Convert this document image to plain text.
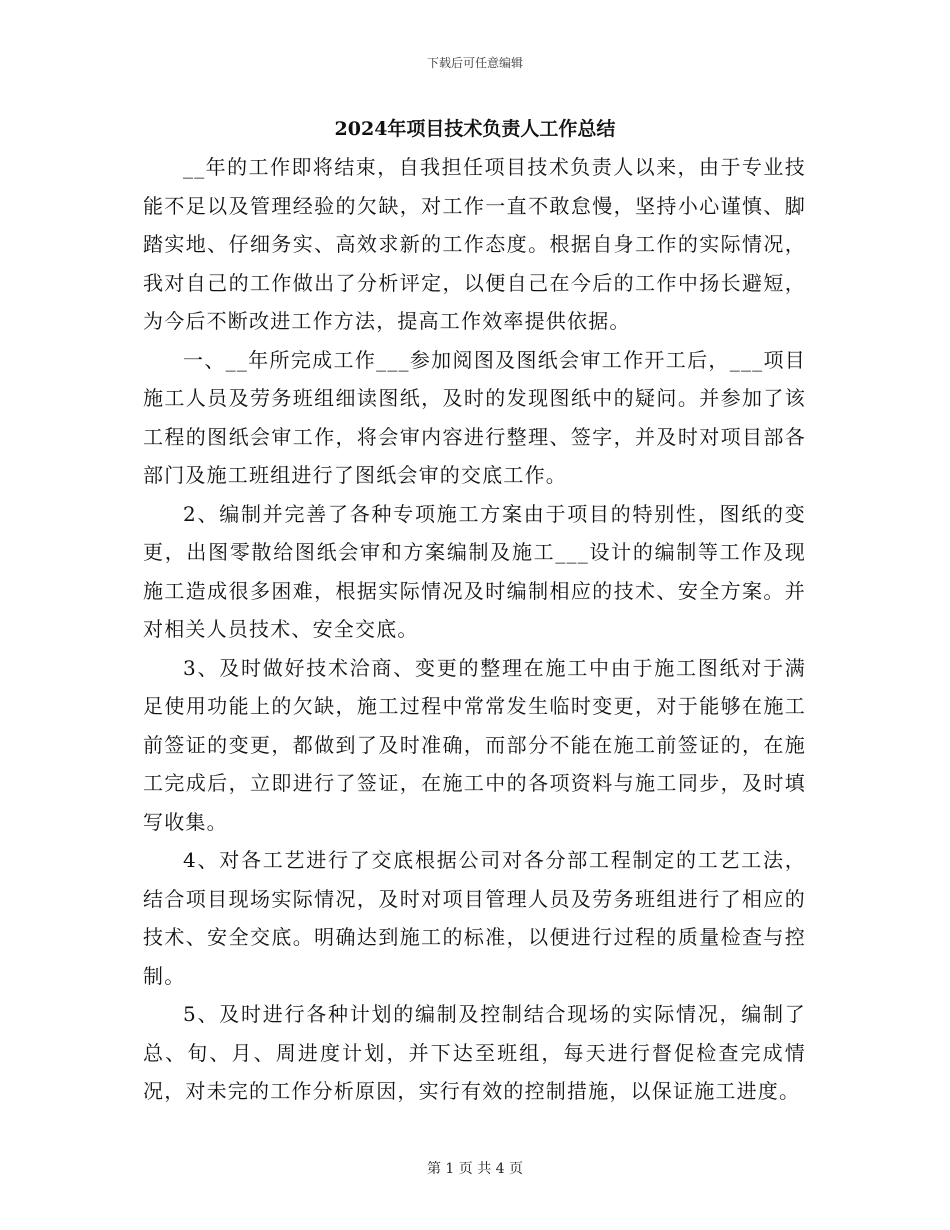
下载后可任意编辑
2024年项目技术负责人工作总结

__年的工作即将结束，自我担任项目技术负责人以来，由于专业技能不足以及管理经验的欠缺，对工作一直不敢怠慢，坚持小心谨慎、脚踏实地、仔细务实、高效求新的工作态度。根据自身工作的实际情况，我对自己的工作做出了分析评定，以便自己在今后的工作中扬长避短，为今后不断改进工作方法，提高工作效率提供依据。

一、__年所完成工作___参加阅图及图纸会审工作开工后，___项目施工人员及劳务班组细读图纸，及时的发现图纸中的疑问。并参加了该工程的图纸会审工作，将会审内容进行整理、签字，并及时对项目部各部门及施工班组进行了图纸会审的交底工作。

2、编制并完善了各种专项施工方案由于项目的特别性，图纸的变更，出图零散给图纸会审和方案编制及施工___设计的编制等工作及现施工造成很多困难，根据实际情况及时编制相应的技术、安全方案。并对相关人员技术、安全交底。

3、及时做好技术洽商、变更的整理在施工中由于施工图纸对于满足使用功能上的欠缺，施工过程中常常发生临时变更，对于能够在施工前签证的变更，都做到了及时准确，而部分不能在施工前签证的，在施工完成后，立即进行了签证，在施工中的各项资料与施工同步，及时填写收集。

4、对各工艺进行了交底根据公司对各分部工程制定的工艺工法，结合项目现场实际情况，及时对项目管理人员及劳务班组进行了相应的技术、安全交底。明确达到施工的标准，以便进行过程的质量检查与控制。

5、及时进行各种计划的编制及控制结合现场的实际情况，编制了总、旬、月、周进度计划，并下达至班组，每天进行督促检查完成情况，对未完的工作分析原因，实行有效的控制措施，以保证施工进度。

第 1 页 共 4 页
